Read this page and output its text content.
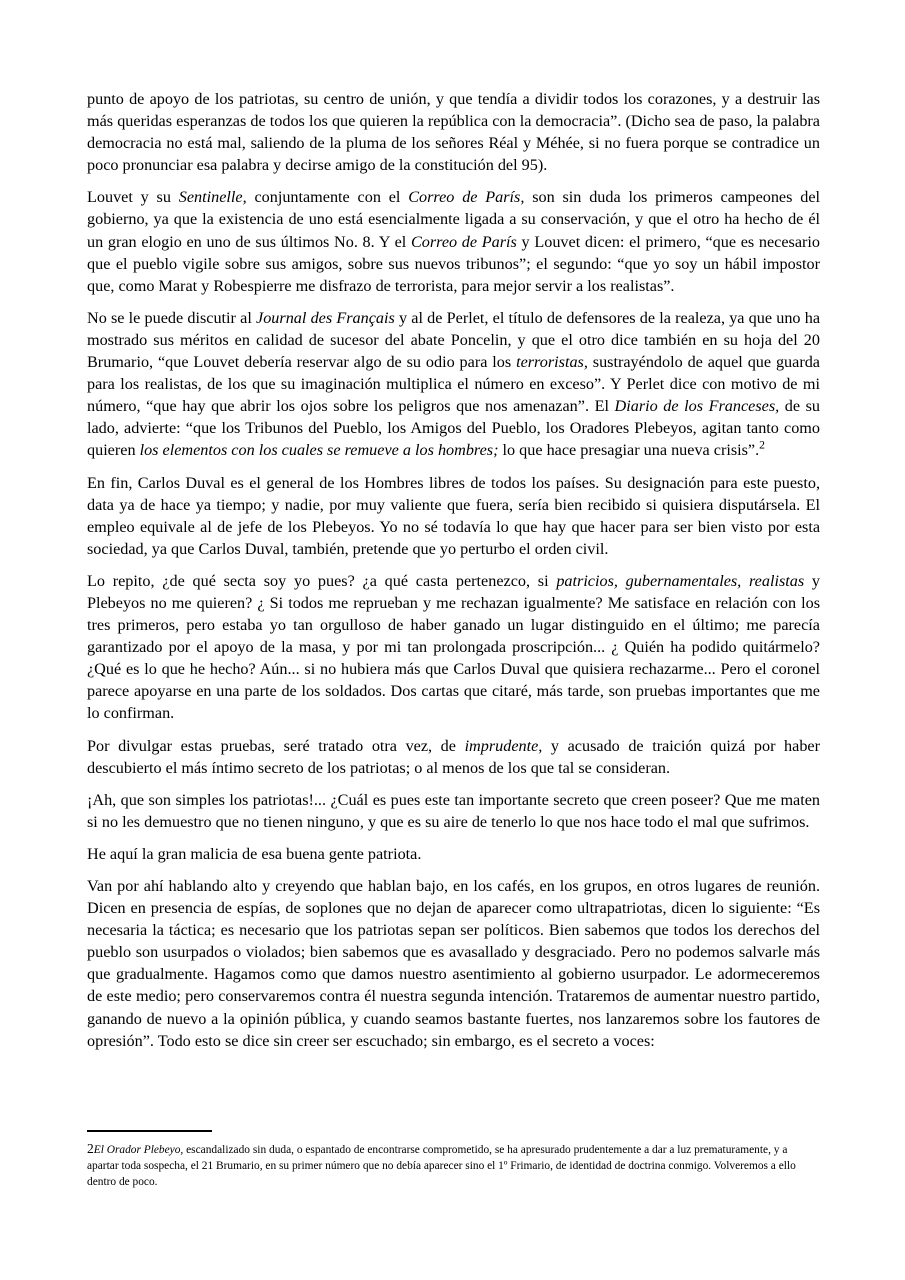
punto de apoyo de los patriotas, su centro de unión, y que tendía a dividir todos los corazones, y a destruir las más queridas esperanzas de todos los que quieren la república con la democracia”. (Dicho sea de paso, la palabra democracia no está mal, saliendo de la pluma de los señores Réal y Méhée, si no fuera porque se contradice un poco pronunciar esa palabra y decirse amigo de la constitución del 95).

Louvet y su Sentinelle, conjuntamente con el Correo de París, son sin duda los primeros campeones del gobierno, ya que la existencia de uno está esencialmente ligada a su conservación, y que el otro ha hecho de él un gran elogio en uno de sus últimos No. 8. Y el Correo de París y Louvet dicen: el primero, “que es necesario que el pueblo vigile sobre sus amigos, sobre sus nuevos tribunos”; el segundo: “que yo soy un hábil impostor que, como Marat y Robespierre me disfrazo de terrorista, para mejor servir a los realistas”.

No se le puede discutir al Journal des Français y al de Perlet, el título de defensores de la realeza, ya que uno ha mostrado sus méritos en calidad de sucesor del abate Poncelin, y que el otro dice también en su hoja del 20 Brumario, “que Louvet debería reservar algo de su odio para los terroristas, sustrayéndolo de aquel que guarda para los realistas, de los que su imaginación multiplica el número en exceso”. Y Perlet dice con motivo de mi número, “que hay que abrir los ojos sobre los peligros que nos amenazan”. El Diario de los Franceses, de su lado, advierte: “que los Tribunos del Pueblo, los Amigos del Pueblo, los Oradores Plebeyos, agitan tanto como quieren los elementos con los cuales se remueve a los hombres; lo que hace presagiar una nueva crisis”.$^2$

En fin, Carlos Duval es el general de los Hombres libres de todos los países. Su designación para este puesto, data ya de hace ya tiempo; y nadie, por muy valiente que fuera, sería bien recibido si quisiera disputársela. El empleo equivale al de jefe de los Plebeyos. Yo no sé todavía lo que hay que hacer para ser bien visto por esta sociedad, ya que Carlos Duval, también, pretende que yo perturbo el orden civil.

Lo repito, ¿de qué secta soy yo pues? ¿a qué casta pertenezco, si patricios, gubernamentales, realistas y Plebeyos no me quieren? ¿ Si todos me reprueban y me rechazan igualmente? Me satisface en relación con los tres primeros, pero estaba yo tan orgulloso de haber ganado un lugar distinguido en el último; me parecía garantizado por el apoyo de la masa, y por mi tan prolongada proscripción... ¿ Quién ha podido quitármelo? ¿Qué es lo que he hecho? Aún... si no hubiera más que Carlos Duval que quisiera rechazarme... Pero el coronel parece apoyarse en una parte de los soldados. Dos cartas que citaré, más tarde, son pruebas importantes que me lo confirman.

Por divulgar estas pruebas, seré tratado otra vez, de imprudente, y acusado de traición quizá por haber descubierto el más íntimo secreto de los patriotas; o al menos de los que tal se consideran.

¡Ah, que son simples los patriotas!... ¿Cuál es pues este tan importante secreto que creen poseer? Que me maten si no les demuestro que no tienen ninguno, y que es su aire de tenerlo lo que nos hace todo el mal que sufrimos.

He aquí la gran malicia de esa buena gente patriota.

Van por ahí hablando alto y creyendo que hablan bajo, en los cafés, en los grupos, en otros lugares de reunión. Dicen en presencia de espías, de soplones que no dejan de aparecer como ultrapatriotas, dicen lo siguiente: “Es necesaria la táctica; es necesario que los patriotas sepan ser políticos. Bien sabemos que todos los derechos del pueblo son usurpados o violados; bien sabemos que es avasallado y desgraciado. Pero no podemos salvarle más que gradualmente. Hagamos como que damos nuestro asentimiento al gobierno usurpador. Le adormeceremos de este medio; pero conservaremos contra él nuestra segunda intención. Trataremos de aumentar nuestro partido, ganando de nuevo a la opinión pública, y cuando seamos bastante fuertes, nos lanzaremos sobre los fautores de opresión”. Todo esto se dice sin creer ser escuchado; sin embargo, es el secreto a voces:

2El Orador Plebeyo, escandalizado sin duda, o espantado de encontrarse comprometido, se ha apresurado prudentemente a dar a luz prematuramente, y a apartar toda sospecha, el 21 Brumario, en su primer número que no debía aparecer sino el 1º Frimario, de identidad de doctrina conmigo. Volveremos a ello dentro de poco.
